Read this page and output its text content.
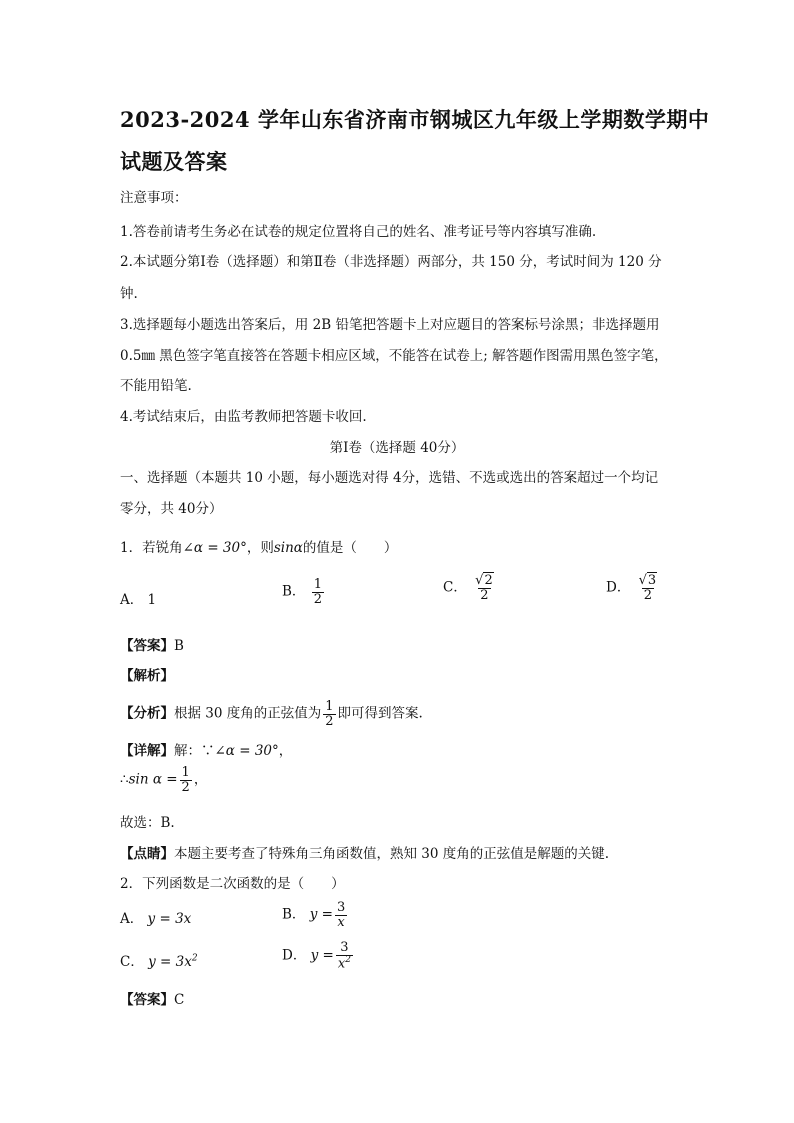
2023-2024 学年山东省济南市钢城区九年级上学期数学期中
试题及答案
注意事项：
1.答卷前请考生务必在试卷的规定位置将自己的姓名、准考证号等内容填写准确.
2.本试题分第Ⅰ卷（选择题）和第Ⅱ卷（非选择题）两部分，共 150 分，考试时间为 120 分
钟.
3.选择题每小题选出答案后，用 2B 铅笔把答题卡上对应题目的答案标号涂黑；非选择题用
0.5㎜ 黑色签字笔直接答在答题卡相应区域，不能答在试卷上; 解答题作图需用黑色签字笔，
不能用铅笔.
4.考试结束后，由监考教师把答题卡收回.
第Ⅰ卷（选择题 40分）
一、选择题（本题共 10 小题，每小题选对得 4分，选错、不选或选出的答案超过一个均记
零分，共 40分）
1．若锐角∠α = 30°，则sinα的值是（　　）
A． 1
B． $\frac{1}{2}$	C． $\frac{√2}{2}$	D． $\frac{√3}{2}$
【答案】B
【解析】
【分析】根据 30 度角的正弦值为 $\frac{1}{2}$ 即可得到答案.
【详解】解：∵∠α = 30°，
∴sin $\alpha = \frac{1}{2}$ ，
故选：B.
【点睛】本题主要考查了特殊角三角函数值，熟知 30 度角的正弦值是解题的关键.
2．下列函数是二次函数的是（　　）
A． y = 3x	B． $y = \frac{3}{x}$
C． $y = 3x^2$	D． $y = \frac{3}{x^2}$
【答案】C
